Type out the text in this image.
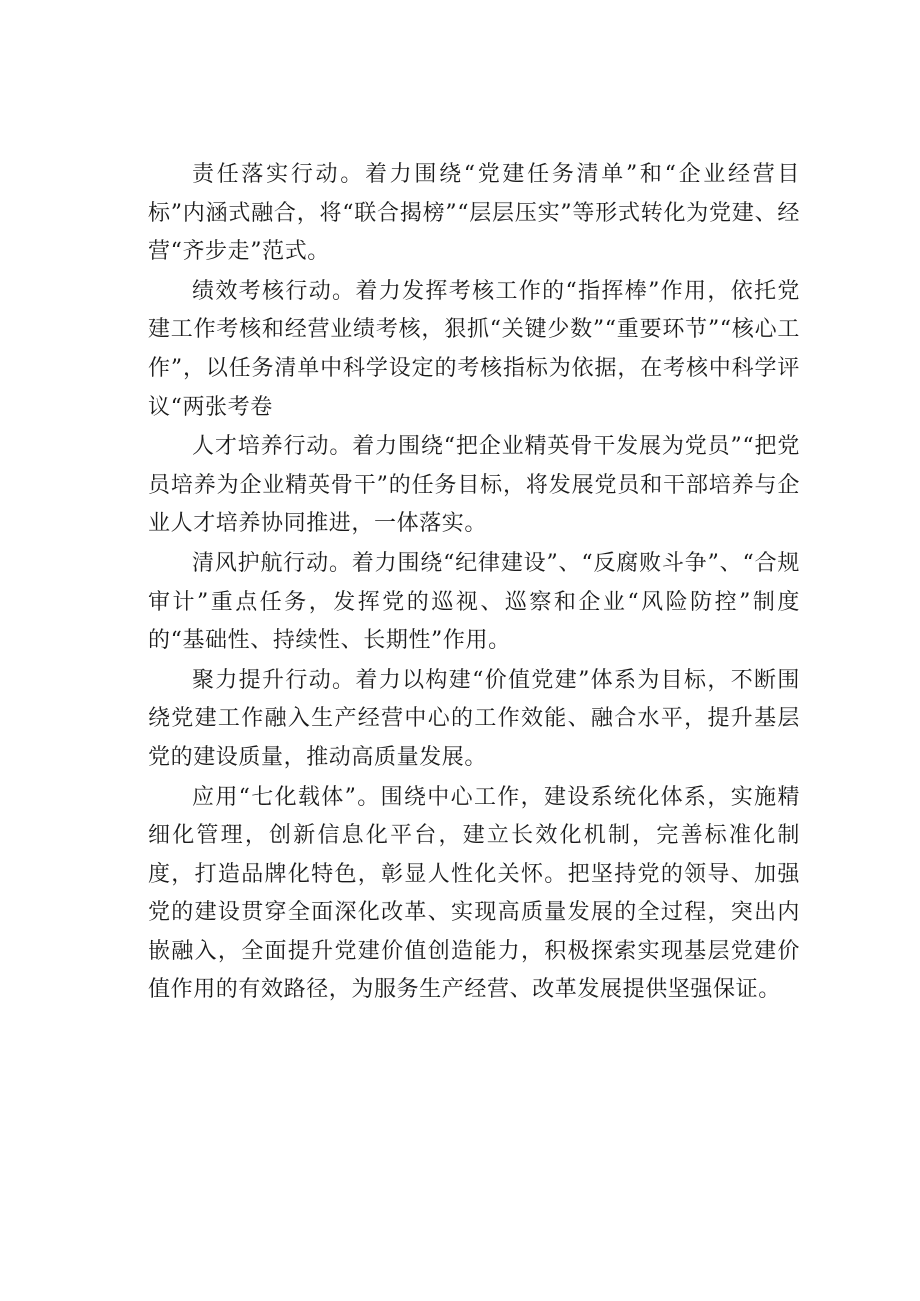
责任落实行动。着力围绕“党建任务清单”和“企业经营目标”内涵式融合，将“联合揭榜”“层层压实”等形式转化为党建、经营“齐步走”范式。

绩效考核行动。着力发挥考核工作的“指挥棒”作用，依托党建工作考核和经营业绩考核，狠抓“关键少数”“重要环节”“核心工作”，以任务清单中科学设定的考核指标为依据，在考核中科学评议“两张考卷

人才培养行动。着力围绕“把企业精英骨干发展为党员”“把党员培养为企业精英骨干”的任务目标，将发展党员和干部培养与企业人才培养协同推进，一体落实。

清风护航行动。着力围绕“纪律建设”、“反腐败斗争”、“合规审计”重点任务，发挥党的巡视、巡察和企业“风险防控”制度的“基础性、持续性、长期性”作用。

聚力提升行动。着力以构建“价值党建”体系为目标，不断围绕党建工作融入生产经营中心的工作效能、融合水平，提升基层党的建设质量，推动高质量发展。

应用“七化载体”。围绕中心工作，建设系统化体系，实施精细化管理，创新信息化平台，建立长效化机制，完善标准化制度，打造品牌化特色，彰显人性化关怀。把坚持党的领导、加强党的建设贯穿全面深化改革、实现高质量发展的全过程，突出内嵌融入，全面提升党建价值创造能力，积极探索实现基层党建价值作用的有效路径，为服务生产经营、改革发展提供坚强保证。
